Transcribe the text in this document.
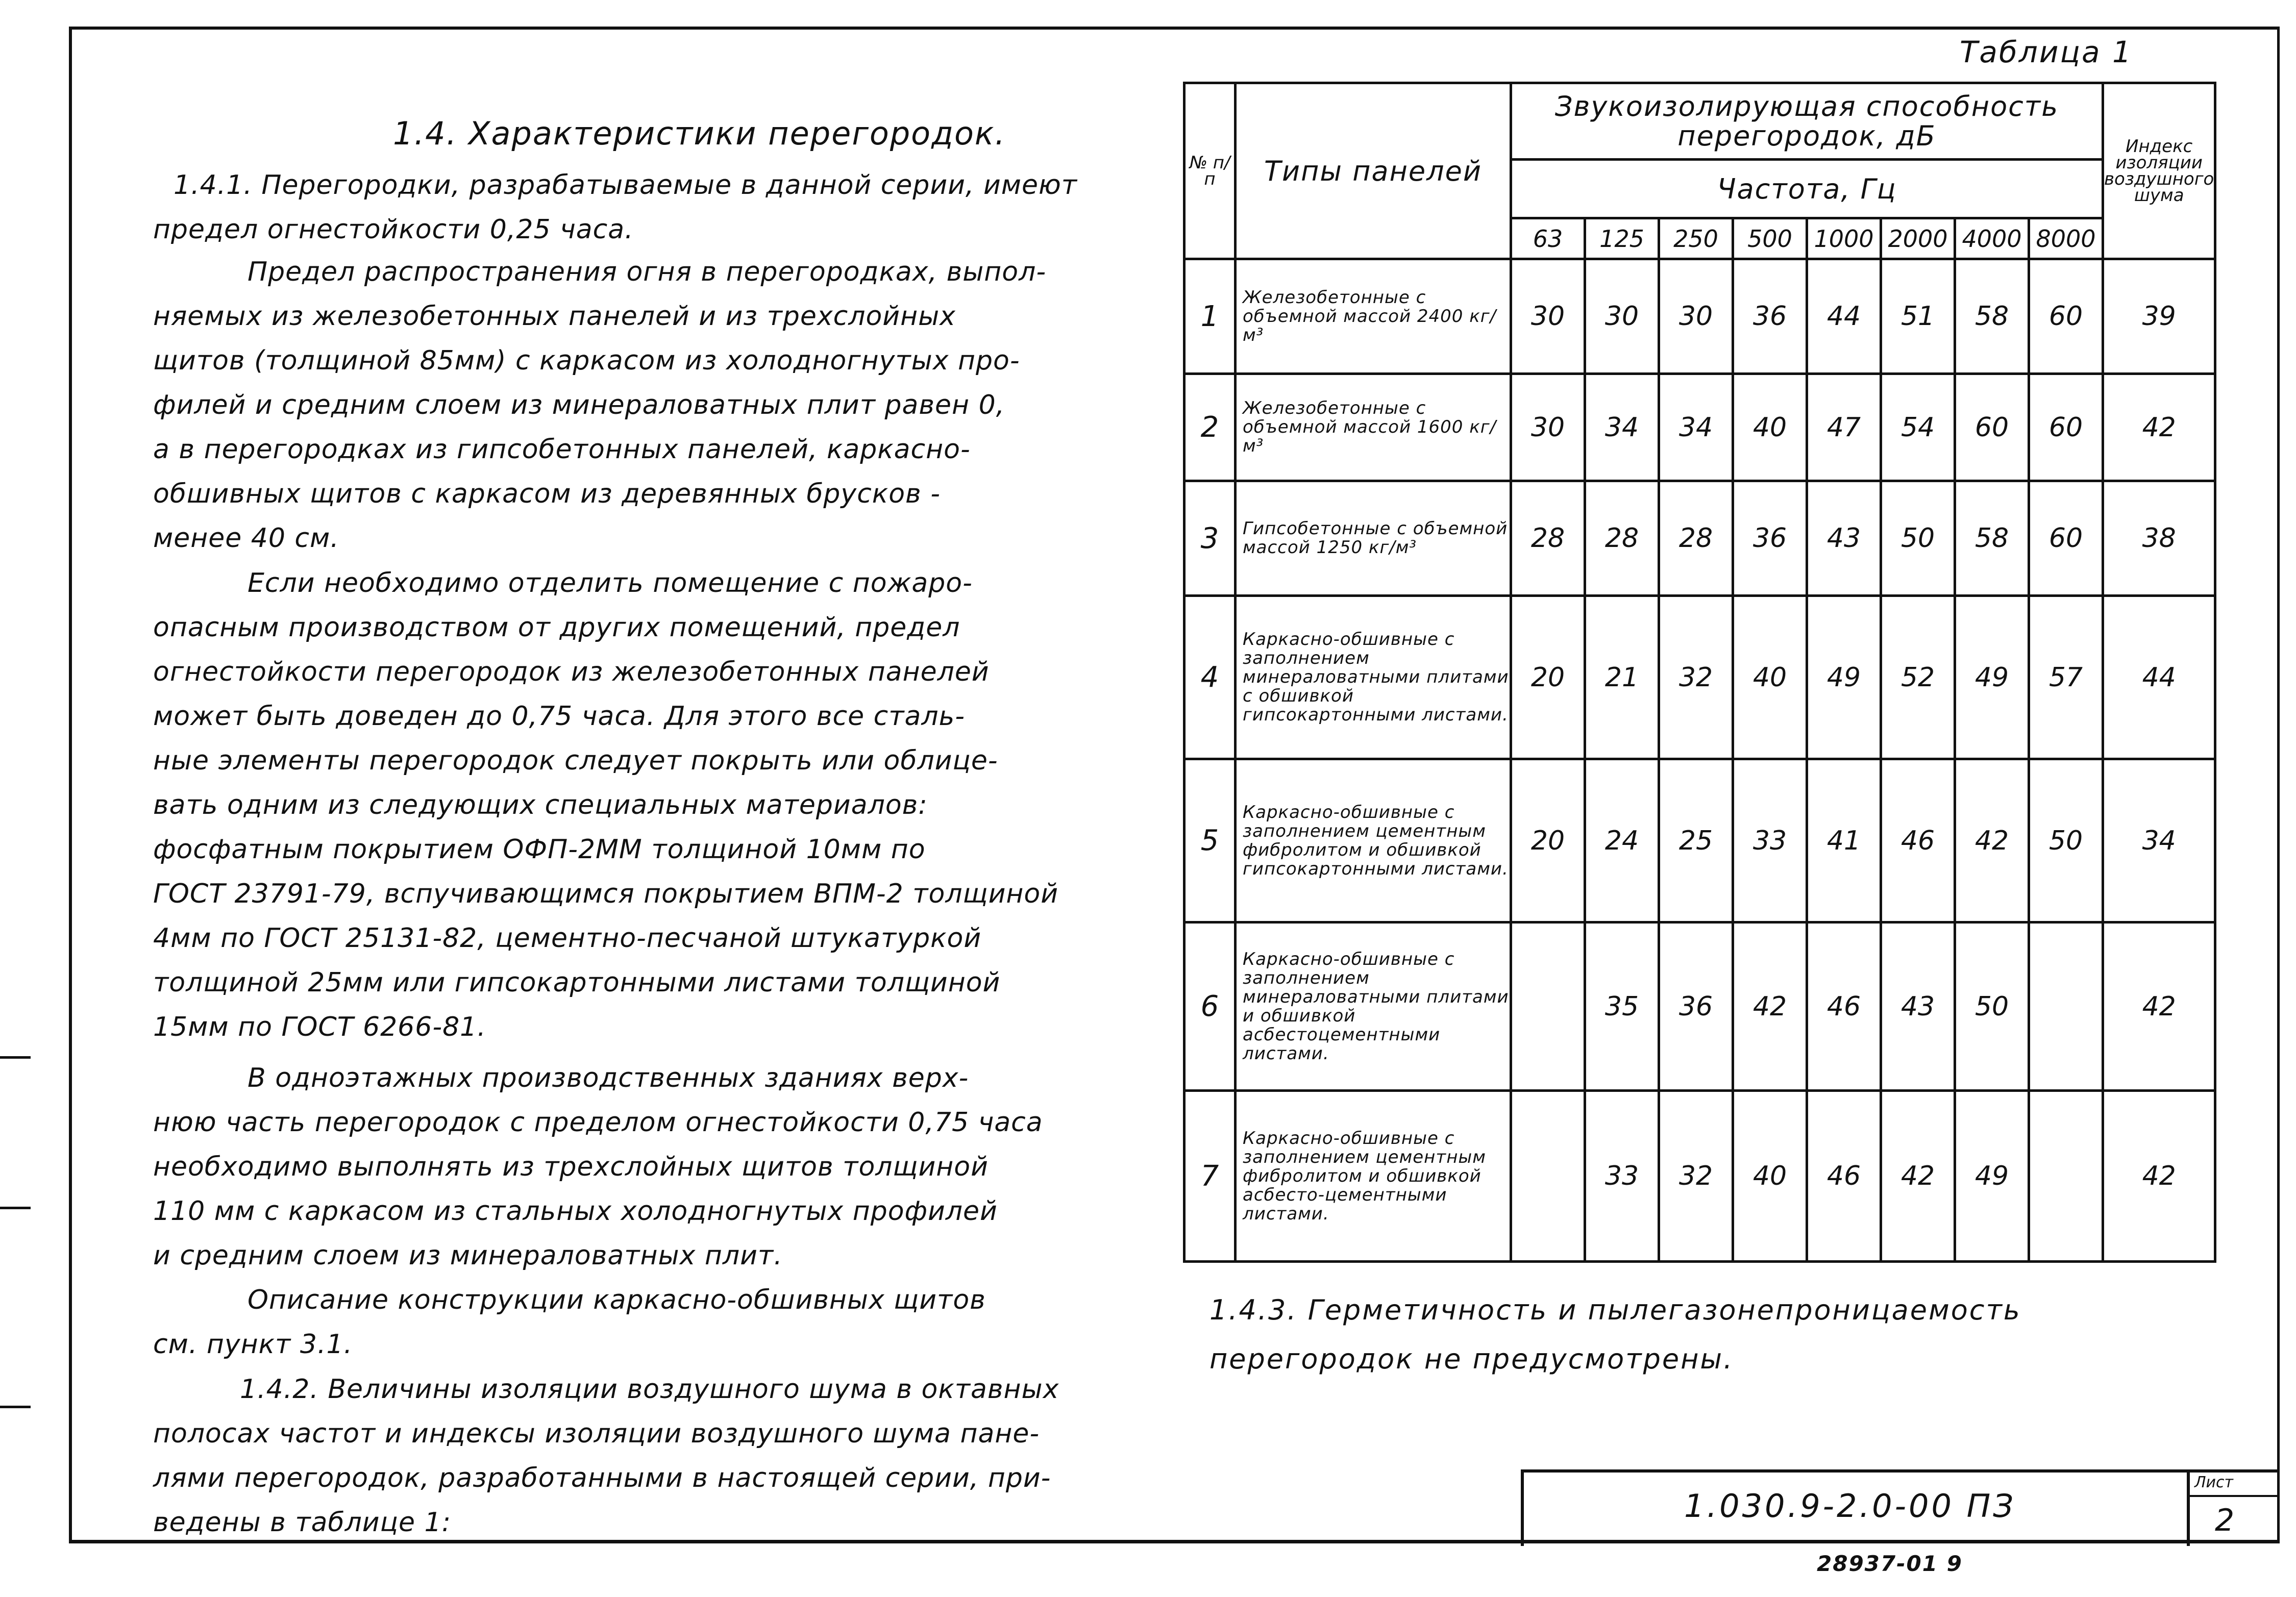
1.4. Характеристики перегородок.
1.4.1. Перегородки, разрабатываемые в данной серии, имеют
предел огнестойкости 0,25 часа.
Предел распространения огня в перегородках, выпол-
няемых из железобетонных панелей и из трехслойных
щитов (толщиной 85мм) с каркасом из холодногнутых про-
филей и средним слоем из минераловатных плит равен 0,
а в перегородках из гипсобетонных панелей, каркасно-
обшивных щитов с каркасом из деревянных брусков -
менее 40 см.
Если необходимо отделить помещение с пожаро-
опасным производством от других помещений, предел
огнестойкости перегородок из железобетонных панелей
может быть доведен до 0,75 часа. Для этого все сталь-
ные элементы перегородок следует покрыть или облице-
вать одним из следующих специальных материалов:
фосфатным покрытием ОФП-2ММ толщиной 10мм по
ГОСТ 23791-79, вспучивающимся покрытием ВПМ-2 толщиной
4мм по ГОСТ 25131-82, цементно-песчаной штукатуркой
толщиной 25мм или гипсокартонными листами толщиной
15мм по ГОСТ 6266-81.
В одноэтажных производственных зданиях верх-
нюю часть перегородок с пределом огнестойкости 0,75 часа
необходимо выполнять из трехслойных щитов толщиной
110 мм с каркасом из стальных холодногнутых профилей
и средним слоем из минераловатных плит.
Описание конструкции каркасно-обшивных щитов
см. пункт 3.1.
1.4.2. Величины изоляции воздушного шума в октавных
полосах частот и индексы изоляции воздушного шума пане-
лями перегородок, разработанными в настоящей серии, при-
ведены в таблице 1:
Таблица 1
№ п/п	Типы панелей	Звукоизолирующая способность перегородок, дБ								Индекс изоляции воздушного шума
		Частота, Гц								
		63	125	250	500	1000	2000	4000	8000	
1	Железобетонные с объемной массой 2400 кг/м³	30	30	30	36	44	51	58	60	39
2	Железобетонные с объемной массой 1600 кг/м³	30	34	34	40	47	54	60	60	42
3	Гипсобетонные с объемной массой 1250 кг/м³	28	28	28	36	43	50	58	60	38
4	Каркасно-обшивные с заполнением минераловатными плитами с обшивкой гипсокартонными листами.	20	21	32	40	49	52	49	57	44
5	Каркасно-обшивные с заполнением цементным фибролитом и обшивкой гипсокартонными листами.	20	24	25	33	41	46	42	50	34
6	Каркасно-обшивные с заполнением минераловатными плитами и обшивкой асбестоцементными листами.		35	36	42	46	43	50		42
7	Каркасно-обшивные с заполнением цементным фибролитом и обшивкой асбесто-цементными листами.		33	32	40	46	42	49		42
1.4.3. Герметичность и пылегазонепроницаемость
перегородок не предусмотрены.
1.030.9-2.0-00 ПЗ
Лист
2
28937-01 9
